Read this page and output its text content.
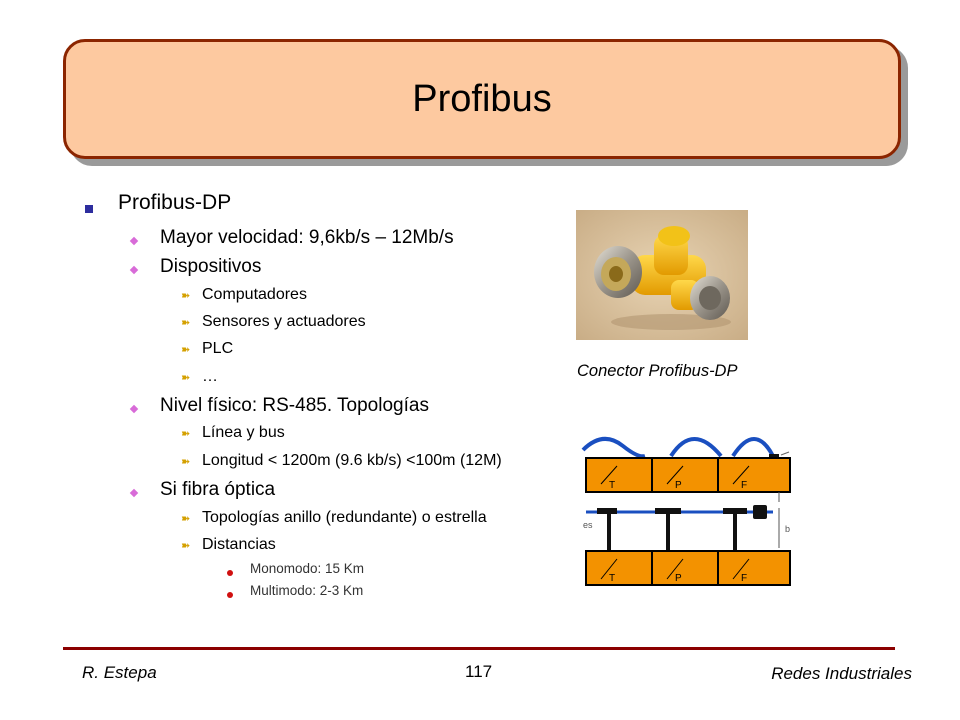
Profibus
Profibus-DP
Mayor velocidad: 9,6kb/s – 12Mb/s
Dispositivos
➽ Computadores
➽ Sensores y actuadores
➽ PLC
➽ …
Nivel físico: RS-485. Topologías
➽ Línea y bus
➽ Longitud < 1200m (9.6 kb/s) <100m (12M)
Si fibra óptica
➽ Topologías anillo (redundante) o estrella
➽ Distancias
Monomodo: 15 Km
Multimodo: 2-3 Km
Conector Profibus-DP
T	P	F
es	b
T	P	F
R. Estepa	117	Redes Industriales
